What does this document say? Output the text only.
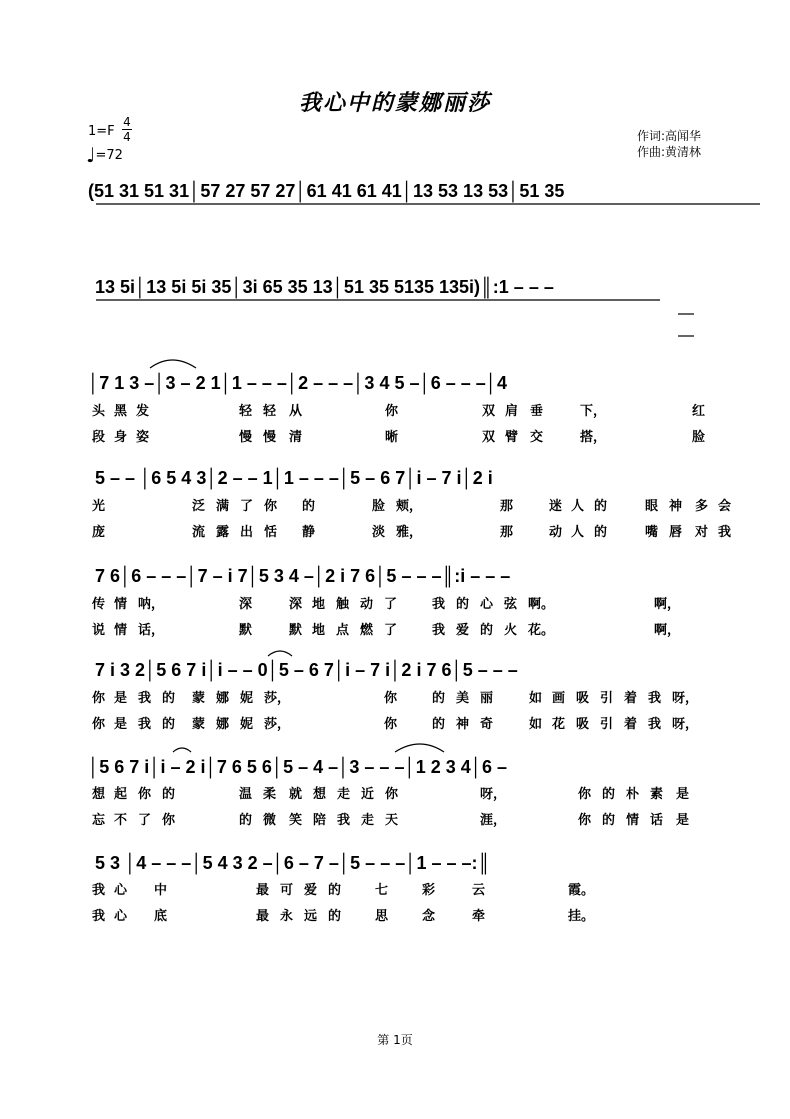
我心中的蒙娜丽莎
1=F
4
4
♩=72
作词:高闻华
作曲:黄清林
(51 31 51 31│57 27 57 27│61 41 61 41│13 53 13 53│51 35
13 5i│13 5i 5i 35│3i 65 35 13│51 35 5135 135i)║:1 – – –
│7 1 3 –│3 – 2 1│1 – – –│2 – – –│3 4 5 –│6 – – –│4
头 黑 发	轻 轻 从	你	双 肩 垂	下，	红
段 身 姿	慢 慢 清	晰	双 臂 交	搭，	脸
5 – – │6 5 4 3│2 – – 1│1 – – –│5 – 6 7│i – 7 i│2 i
光	泛 满 了 你 的	脸 颊，	那	迷 人 的	眼 神 多 会
庞	流 露 出 恬 静	淡 雅，	那	动 人 的	嘴 唇 对 我
7 6│6 – – –│7 – i 7│5 3 4 –│2 i 7 6│5 – – –║:i – – –
传 情 呐，	深	深 地 触 动 了	我 的 心 弦 啊。	啊，
说 情 话，	默	默 地 点 燃 了	我 爱 的 火 花。	啊，
7 i 3 2│5 6 7 i│i – – 0│5 – 6 7│i – 7 i│2 i 7 6│5 – – –
你 是 我 的 蒙 娜 妮 莎，	你	的 美 丽	如 画 吸 引 着 我 呀，
你 是 我 的 蒙 娜 妮 莎，	你	的 神 奇	如 花 吸 引 着 我 呀，
│5 6 7 i│i – 2 i│7 6 5 6│5 – 4 –│3 – – –│1 2 3 4│6 –
想 起 你 的	温 柔 就 想 走 近 你	呀，	你 的 朴 素 是
忘 不 了 你	的 微 笑 陪 我 走 天	涯，	你 的 情 话 是
5 3 │4 – – –│5 4 3 2 –│6 – 7 –│5 – – –│1 – – –:║
我 心 中	最 可 爱 的	七	彩	云	霞。
我 心 底	最 永 远 的	思	念	牵	挂。
第 1页
